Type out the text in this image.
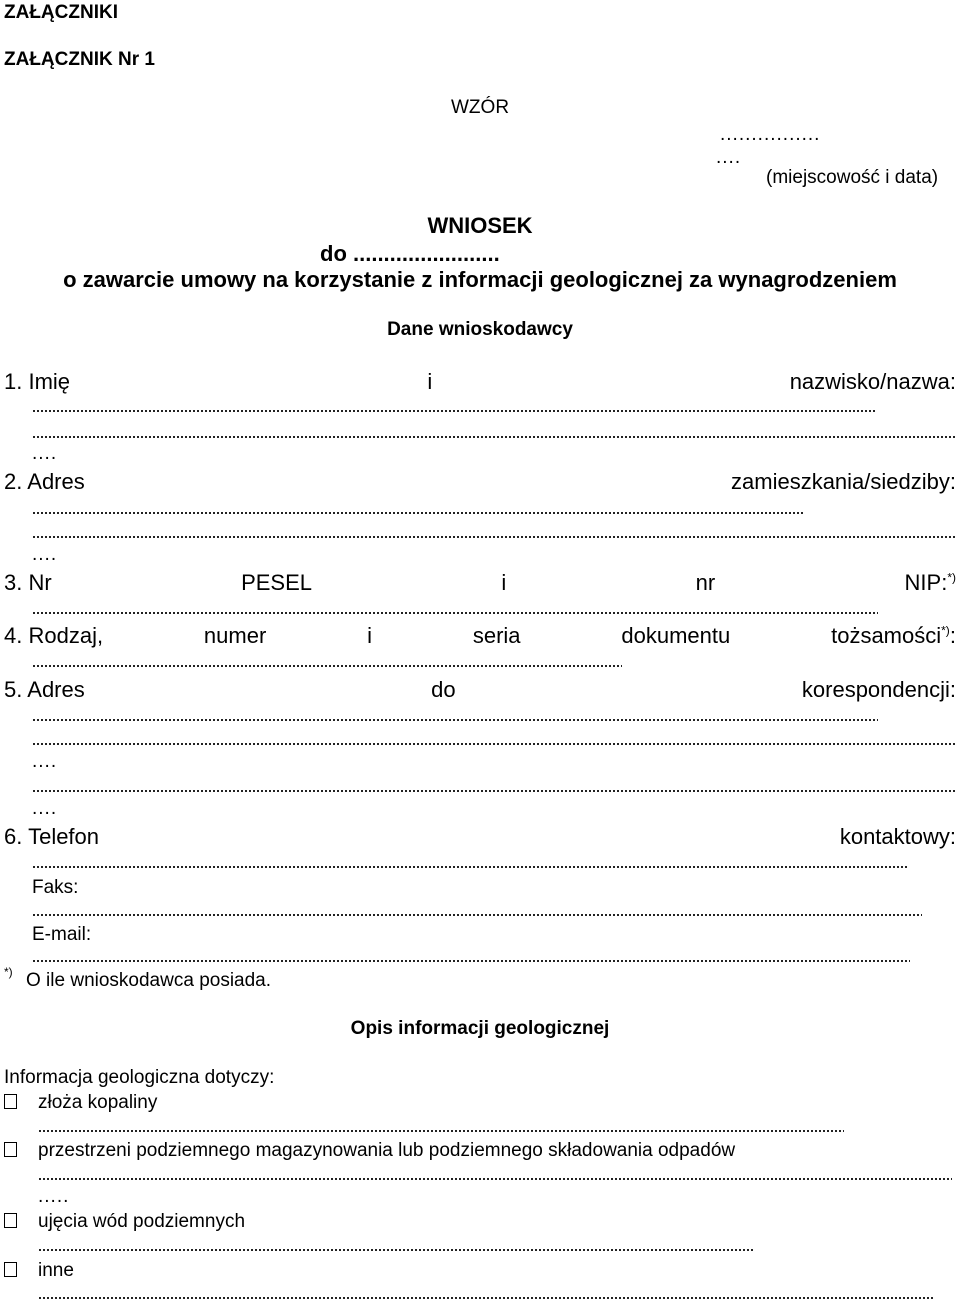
ZAŁĄCZNIKI
ZAŁĄCZNIK Nr 1
WZÓR
................
....
(miejscowość i data)
WNIOSEK
do ........................
o zawarcie umowy na korzystanie z informacji geologicznej za wynagrodzeniem
Dane wnioskodawcy
1. Imię	i	nazwisko/nazwa:
....
2. Adres	zamieszkania/siedziby:
....
3. Nr	PESEL	i	nr	NIP:*)
4. Rodzaj,	numer	i	seria	dokumentu	tożsamości*):
5. Adres	do	korespondencji:
....
....
6. Telefon	kontaktowy:
Faks:
E-mail:
*) O ile wnioskodawca posiada.
Opis informacji geologicznej
Informacja geologiczna dotyczy:
złoża kopaliny
przestrzeni podziemnego magazynowania lub podziemnego składowania odpadów
.....
ujęcia wód podziemnych
inne
